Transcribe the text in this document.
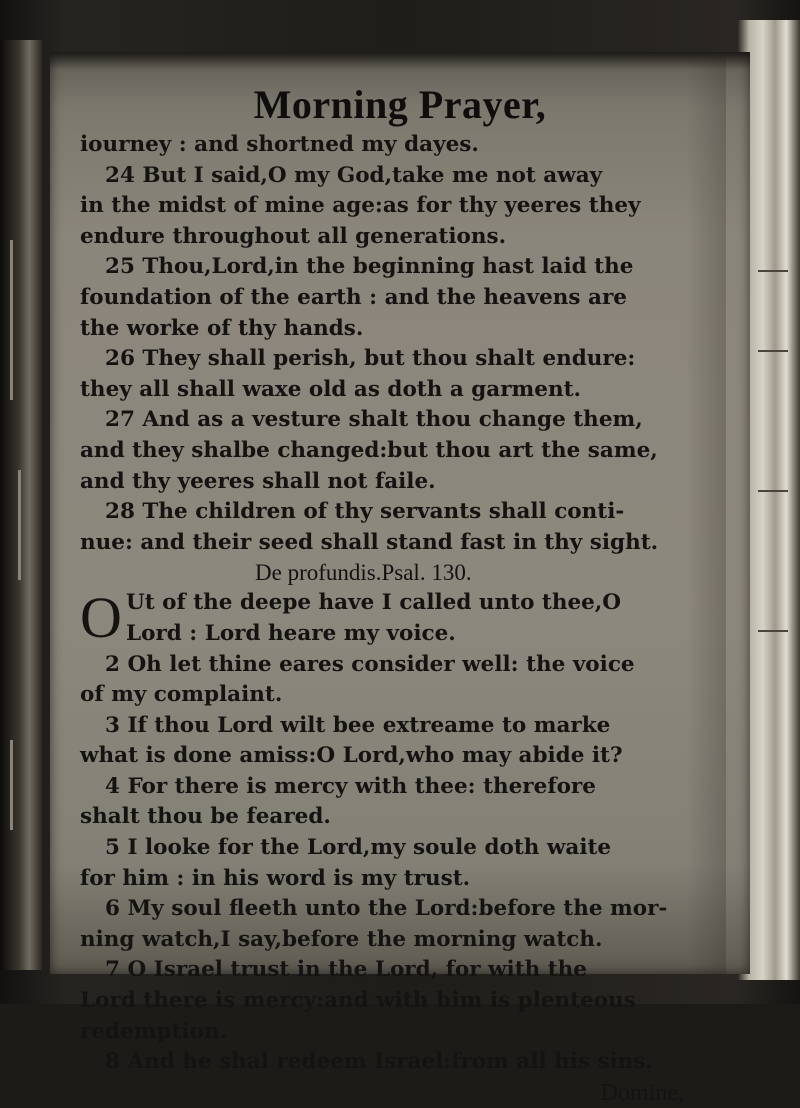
Morning Prayer,
iourney : and shortned my dayes.
24 But I said,O my God,take me not away
in the midst of mine age:as for thy yeeres they
endure throughout all generations.
25 Thou,Lord,in the beginning hast laid the
foundation of the earth : and the heavens are
the worke of thy hands.
26 They shall perish, but thou shalt endure:
they all shall waxe old as doth a garment.
27 And as a vesture shalt thou change them,
and they shalbe changed:but thou art the same,
and thy yeeres shall not faile.
28 The children of thy servants shall conti-
nue: and their seed shall stand fast in thy sight.
De profundis.Psal. 130.
O Ut of the deepe have I called unto thee,O
Lord : Lord heare my voice.
2 Oh let thine eares consider well: the voice
of my complaint.
3 If thou Lord wilt bee extreame to marke
what is done amiss:O Lord,who may abide it?
4 For there is mercy with thee: therefore
shalt thou be feared.
5 I looke for the Lord,my soule doth waite
for him : in his word is my trust.
6 My soul fleeth unto the Lord:before the mor-
ning watch,I say,before the morning watch.
7 O Israel trust in the Lord, for with the
Lord there is mercy:and with him is plenteous
redemption.
8 And he shal redeem Israel:from all his sins.
Domine,
